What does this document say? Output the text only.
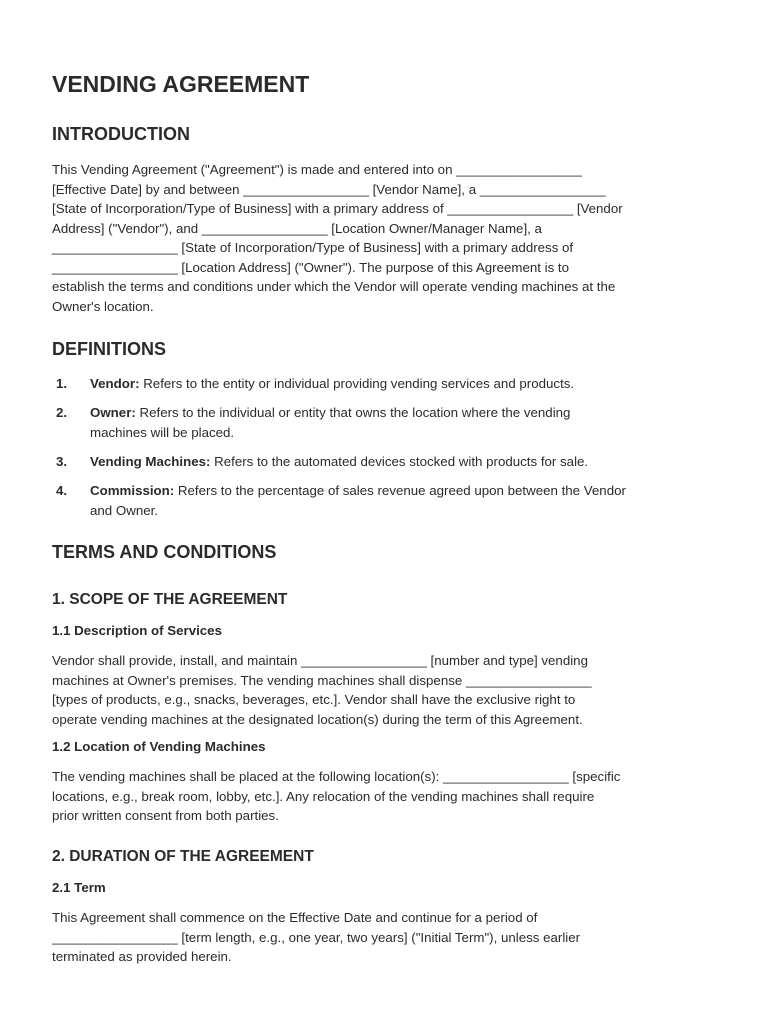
VENDING AGREEMENT
INTRODUCTION
This Vending Agreement ("Agreement") is made and entered into on _________________
[Effective Date] by and between _________________ [Vendor Name], a _________________
[State of Incorporation/Type of Business] with a primary address of _________________ [Vendor
Address] ("Vendor"), and _________________ [Location Owner/Manager Name], a
_________________ [State of Incorporation/Type of Business] with a primary address of
_________________ [Location Address] ("Owner"). The purpose of this Agreement is to
establish the terms and conditions under which the Vendor will operate vending machines at the
Owner's location.
DEFINITIONS
1. Vendor: Refers to the entity or individual providing vending services and products.
2. Owner: Refers to the individual or entity that owns the location where the vending
machines will be placed.
3. Vending Machines: Refers to the automated devices stocked with products for sale.
4. Commission: Refers to the percentage of sales revenue agreed upon between the Vendor
and Owner.
TERMS AND CONDITIONS
1. SCOPE OF THE AGREEMENT
1.1 Description of Services
Vendor shall provide, install, and maintain _________________ [number and type] vending
machines at Owner's premises. The vending machines shall dispense _________________
[types of products, e.g., snacks, beverages, etc.]. Vendor shall have the exclusive right to
operate vending machines at the designated location(s) during the term of this Agreement.
1.2 Location of Vending Machines
The vending machines shall be placed at the following location(s): _________________ [specific
locations, e.g., break room, lobby, etc.]. Any relocation of the vending machines shall require
prior written consent from both parties.
2. DURATION OF THE AGREEMENT
2.1 Term
This Agreement shall commence on the Effective Date and continue for a period of
_________________ [term length, e.g., one year, two years] ("Initial Term"), unless earlier
terminated as provided herein.
